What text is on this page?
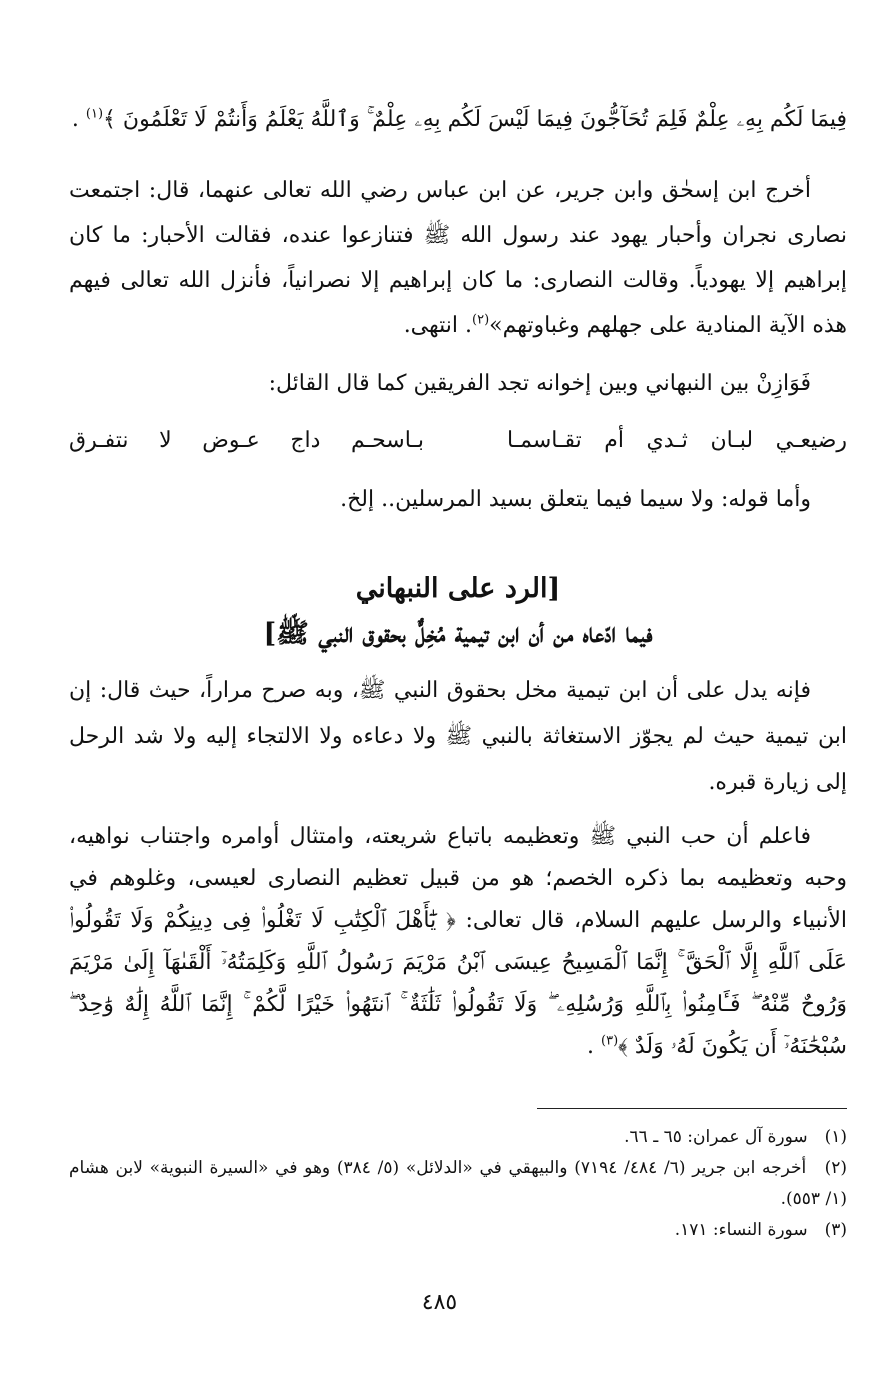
فِيمَا لَكُم بِهِۦ عِلْمٌ فَلِمَ تُحَآجُّونَ فِيمَا لَيْسَ لَكُم بِهِۦ عِلْمٌ ۚ وَٱللَّهُ يَعْلَمُ وَأَنتُمْ لَا تَعْلَمُونَ ﴾$^{(١)}$ .
أخرج ابن إسحٰق وابن جرير، عن ابن عباس رضي الله تعالى عنهما، قال: اجتمعت نصارى نجران وأحبار يهود عند رسول الله ﷺ فتنازعوا عنده، فقالت الأحبار: ما كان إبراهيم إلا يهودياً. وقالت النصارى: ما كان إبراهيم إلا نصرانياً، فأنزل الله تعالى فيهم هذه الآية المنادية على جهلهم وغباوتهم»$^{(٢)}$. انتهى.
فَوَازِنْ بين النبهاني وبين إخوانه تجد الفريقين كما قال القائل:
رضيعـي لبـان ثـدي أم تقـاسمـا
بـاسحـم داج عـوض لا نتفـرق
وأما قوله: ولا سيما فيما يتعلق بسيد المرسلين.. إلخ.
[الرد على النبهاني
فيما ادّعاه من أن ابن تيمية مُخِلٌّ بحقوق النبي ﷺ]
فإنه يدل على أن ابن تيمية مخل بحقوق النبي ﷺ، وبه صرح مراراً، حيث قال: إن ابن تيمية حيث لم يجوّز الاستغاثة بالنبي ﷺ ولا دعاءه ولا الالتجاء إليه ولا شد الرحل إلى زيارة قبره.
فاعلم أن حب النبي ﷺ وتعظيمه باتباع شريعته، وامتثال أوامره واجتناب نواهيه، وحبه وتعظيمه بما ذكره الخصم؛ هو من قبيل تعظيم النصارى لعيسى، وغلوهم في الأنبياء والرسل عليهم السلام، قال تعالى: ﴿ يَٰٓأَهْلَ ٱلْكِتَٰبِ لَا تَغْلُوا۟ فِى دِينِكُمْ وَلَا تَقُولُوا۟ عَلَى ٱللَّهِ إِلَّا ٱلْحَقَّ ۚ إِنَّمَا ٱلْمَسِيحُ عِيسَى ٱبْنُ مَرْيَمَ رَسُولُ ٱللَّهِ وَكَلِمَتُهُۥٓ أَلْقَىٰهَآ إِلَىٰ مَرْيَمَ وَرُوحٌ مِّنْهُ ۖ فَـَٔامِنُوا۟ بِٱللَّهِ وَرُسُلِهِۦ ۖ وَلَا تَقُولُوا۟ ثَلَٰثَةٌ ۚ ٱنتَهُوا۟ خَيْرًا لَّكُمْ ۚ إِنَّمَا ٱللَّهُ إِلَٰهٌ وَٰحِدٌ ۖ سُبْحَٰنَهُۥٓ أَن يَكُونَ لَهُۥ وَلَدٌ ﴾$^{(٣)}$ .

(١) سورة آل عمران: ٦٥ ـ ٦٦.

(٢) أخرجه ابن جرير (٦/ ٤٨٤/ ٧١٩٤) والبيهقي في «الدلائل» (٥/ ٣٨٤) وهو في «السيرة النبوية» لابن هشام (١/ ٥٥٣).

(٣) سورة النساء: ١٧١.

٤٨٥
